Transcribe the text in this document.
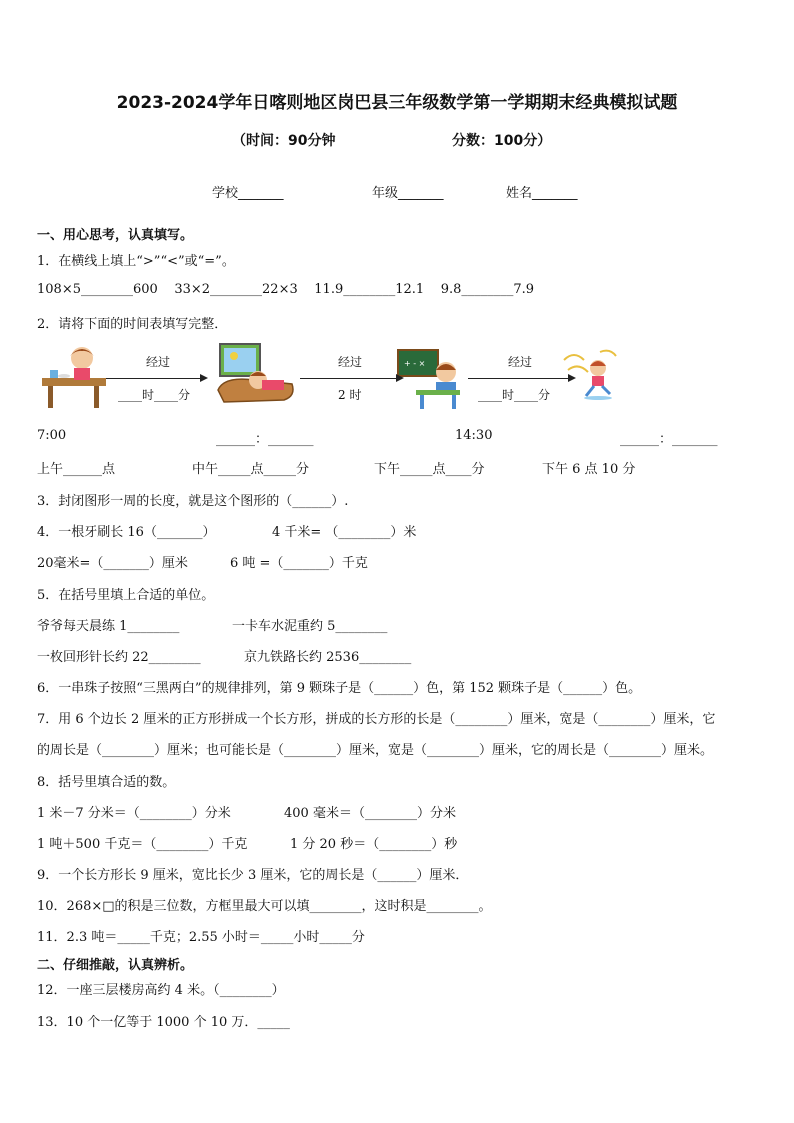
2023-2024学年日喀则地区岗巴县三年级数学第一学期期末经典模拟试题
（时间：90分钟	分数：100分）
学校_______	年级_______	姓名_______
一、用心思考，认真填写。
1．在横线上填上“>”“<”或“=”。
108×5________600 33×2________22×3 11.9________12.1 9.8________7.9
2．请将下面的时间表填写完整．
+ - ×
经过	经过	经过
____时____分	2 时	____时____分
7:00	______：_______	14:30	______：_______
上午______点	中午_____点_____分	下午_____点____分	下午 6 点 10 分
3．封闭图形一周的长度，就是这个图形的（______）.
4．一根牙刷长 16（_______）	4 千米= （________）米
20毫米=（_______）厘米	6 吨 =（_______）千克
5．在括号里填上合适的单位。
爷爷每天晨练 1________	一卡车水泥重约 5________
一枚回形针长约 22________	京九铁路长约 2536________
6．一串珠子按照“三黑两白”的规律排列，第 9 颗珠子是（______）色，第 152 颗珠子是（______）色。
7．用 6 个边长 2 厘米的正方形拼成一个长方形，拼成的长方形的长是（________）厘米，宽是（________）厘米，它
的周长是（________）厘米；也可能长是（________）厘米，宽是（________）厘米，它的周长是（________）厘米。
8．括号里填合适的数。
1 米－7 分米＝（________）分米	400 毫米＝（________）分米
1 吨＋500 千克＝（________）千克	1 分 20 秒＝（________）秒
9．一个长方形长 9 厘米，宽比长少 3 厘米，它的周长是（______）厘米．
10．268×□的积是三位数，方框里最大可以填________，这时积是________。
11．2.3 吨＝_____千克；2.55 小时＝_____小时_____分
二、仔细推敲，认真辨析。
12．一座三层楼房高约 4 米。（________）
13．10 个一亿等于 1000 个 10 万．_____
